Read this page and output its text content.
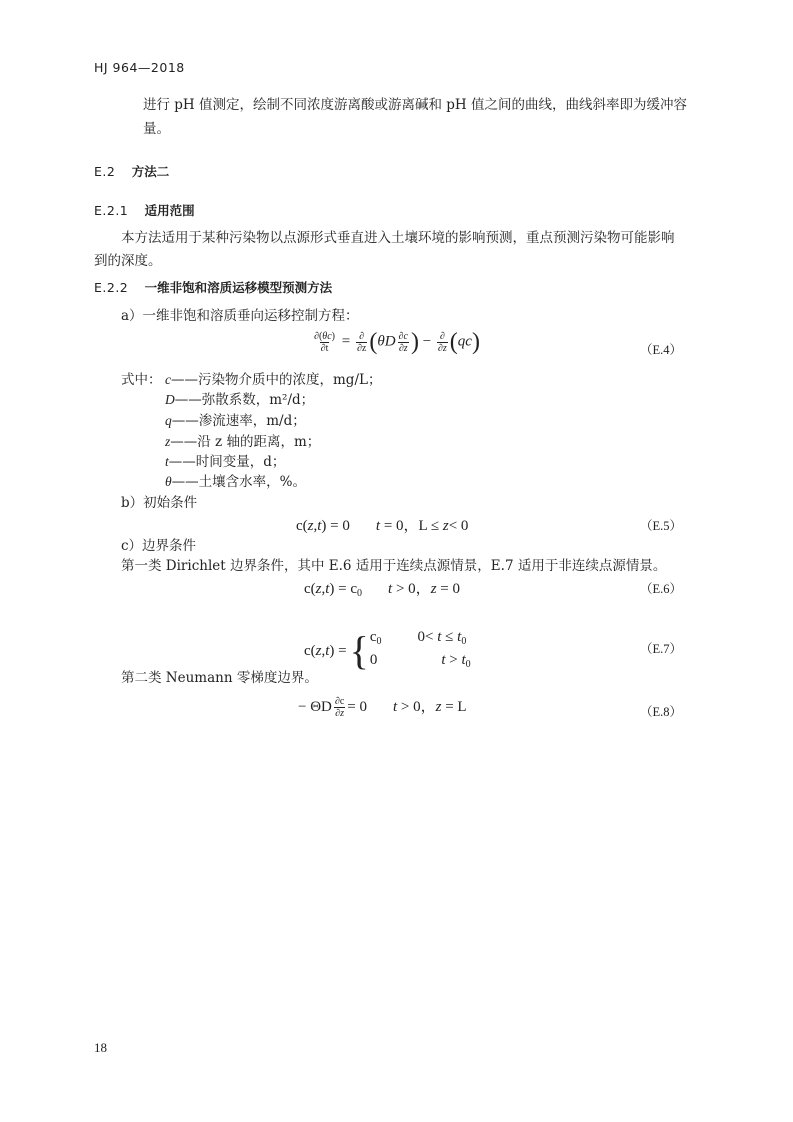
HJ 964—2018
进行 pH 值测定，绘制不同浓度游离酸或游离碱和 pH 值之间的曲线，曲线斜率即为缓冲容
量。
E.2 方法二
E.2.1 适用范围
本方法适用于某种污染物以点源形式垂直进入土壤环境的影响预测，重点预测污染物可能影响
到的深度。
E.2.2 一维非饱和溶质运移模型预测方法
a）一维非饱和溶质垂向运移控制方程：
$\frac{\partial(\theta c)}{\partial t} = \frac{\partial}{\partial z} (\theta D \frac{\partial c}{\partial z}$ ) − $\frac{\partial}{\partial z} (qc)$	（E.4）
式中： c——污染物介质中的浓度，mg/L；
D——弥散系数，m²/d；
q——渗流速率，m/d；
z——沿 z 轴的距离，m；
t——时间变量，d；
θ——土壤含水率，%。
b）初始条件
c(z,t) = 0 t = 0，L ≤ z< 0	（E.5）
c）边界条件
第一类 Dirichlet 边界条件，其中 E.6 适用于连续点源情景，E.7 适用于非连续点源情景。
$c(z,t) = c_0$ t > 0，z = 0	（E.6）
c(z,t) = { $c_0$ $0< t \le t_0$
0	$t > t_0$
（E.7）
第二类 Neumann 零梯度边界。
− ΘD $\frac{\partial c}{\partial z} = 0$ t > 0，z = L	（E.8）
18
